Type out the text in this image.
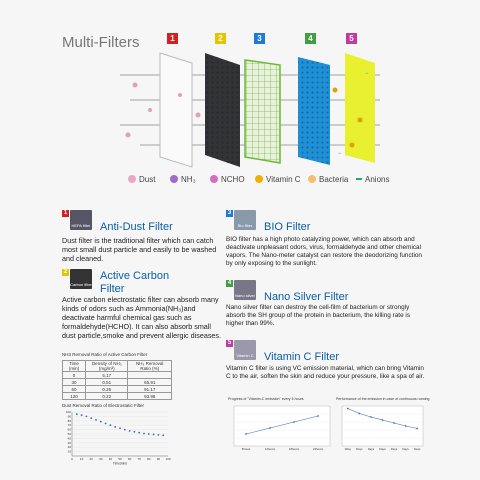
Multi-Filters	1	2	3	4	5
−
−
Dust	NH₃	NCHO	Vitamin C Bacteria Anions
1
HEPA filter Anti-Dust Filter
Dust filter is the traditional filter which can catch most small dust particle and easily to be washed and cleaned.
2
Carbon filter
Active Carbon
Filter
Active carbon electrostatic filter can absorb many kinds of odors such as Ammonia(NH₃)and deactivate harmful chemical gas such as formaldehyde(HCHO). It can also absorb small dust particle,smoke and prevent allergic diseases.
NH3 Removal Ratio of Active Carbon Filter
Time (min)	Density of NH₃ (mg/m³)	NH₃ Removal Ratio (%)
0	5.17	
30	0.51	65.91
60	0.26	91.17
120	0.22	93.98
Dust Removal Ratio of Electrostatic Filter
10
20
30
40
50
60
70
80
90
100
0 10 20 30 40 50 60 70 80 90 100
Time(min)
3
Bio filter	BIO Filter
BIO filter has a high photo catalyzing power, which can absorb and deactivate unpleasant odors, virus, formaldehyde and other chemical vapors. The Nano-meter catalyst can restore the deodorizing function by only exposing to the sunlight.
4
Nano silver Nano Silver Filter
Nano silver filter can destroy the cell-film of bacterium or strongly absorb the SH group of the protein in bacterium, the killing rate is higher than 99%.
5
Vitamin C Vitamin C Filter
Vitamin C filter is using VC emission material, which can bring Vitamin C to the air, soften the skin and reduce your pressure, like a spa of air.
Progress of "Vitamin-C emission" every 6 hours
6hours	12hours	18hours	24hours
Performance of the emission in case of continuous running
1Day Days Days Days Days Days Days
